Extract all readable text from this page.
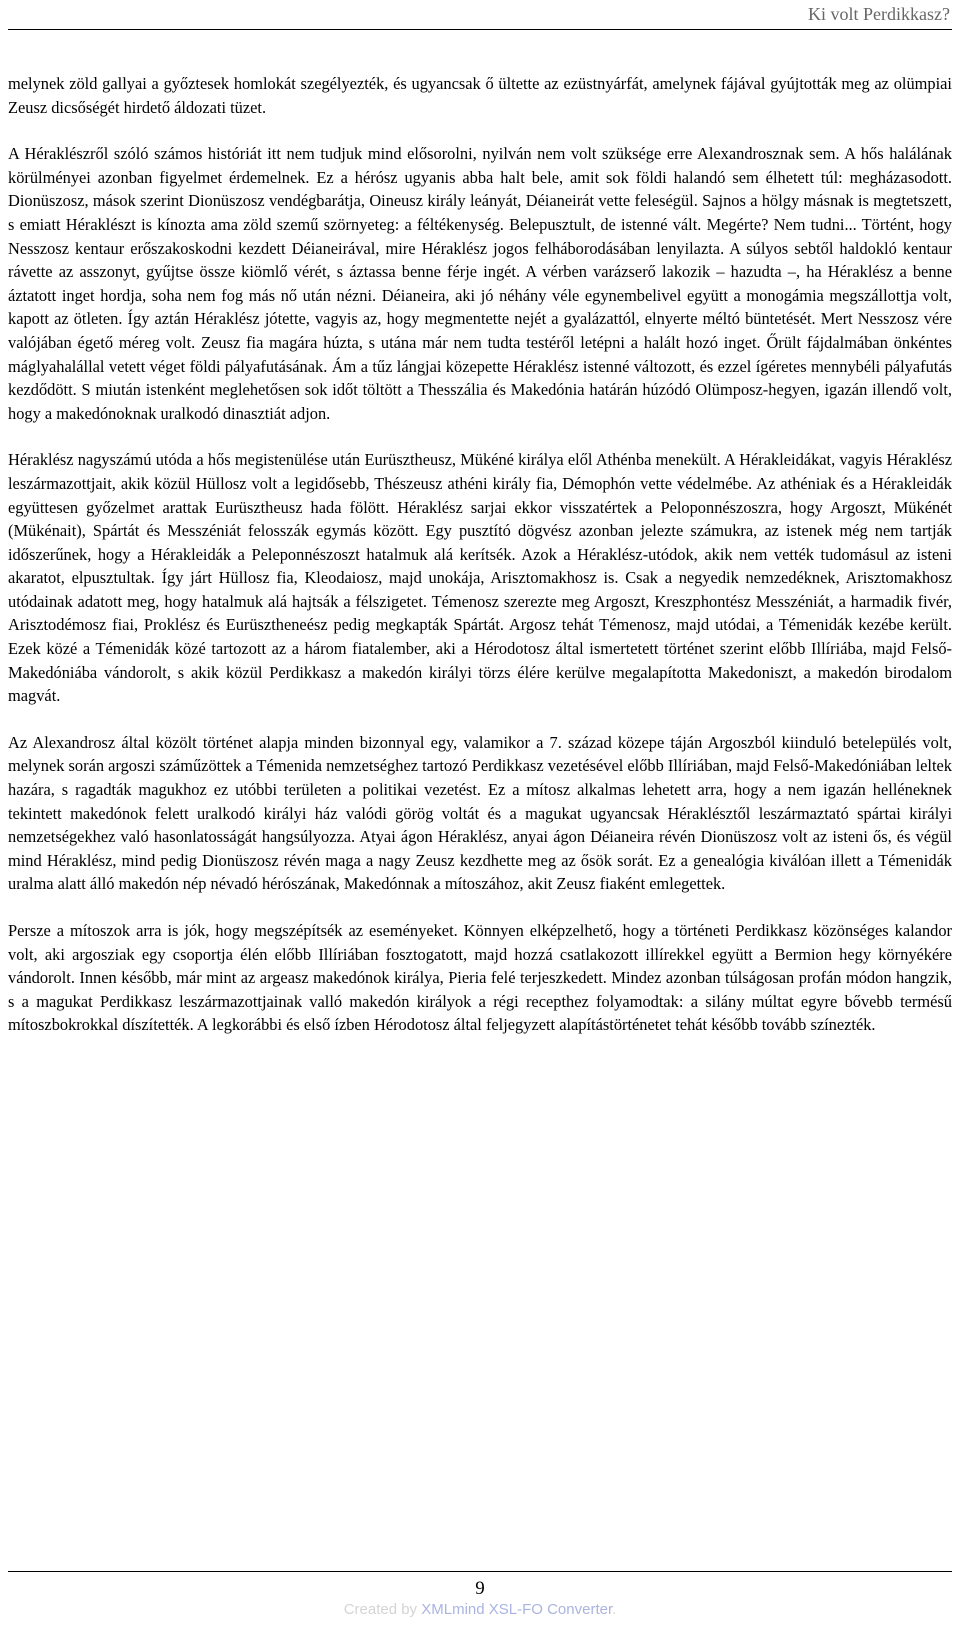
Ki volt Perdikkasz?

melynek zöld gallyai a győztesek homlokát szegélyezték, és ugyancsak ő ültette az ezüstnyárfát, amelynek fájával gyújtották meg az olümpiai Zeusz dicsőségét hirdető áldozati tüzet.

A Héraklészről szóló számos históriát itt nem tudjuk mind elősorolni, nyilván nem volt szüksége erre Alexandrosznak sem. A hős halálának körülményei azonban figyelmet érdemelnek. Ez a hérósz ugyanis abba halt bele, amit sok földi halandó sem élhetett túl: megházasodott. Dionüszosz, mások szerint Dionüszosz vendégbarátja, Oineusz király leányát, Déianeirát vette feleségül. Sajnos a hölgy másnak is megtetszett, s emiatt Héraklészt is kínozta ama zöld szemű szörnyeteg: a féltékenység. Belepusztult, de istenné vált. Megérte? Nem tudni... Történt, hogy Nesszosz kentaur erőszakoskodni kezdett Déianeirával, mire Héraklész jogos felháborodásában lenyilazta. A súlyos sebtől haldokló kentaur rávette az asszonyt, gyűjtse össze kiömlő vérét, s áztassa benne férje ingét. A vérben varázserő lakozik – hazudta –, ha Héraklész a benne áztatott inget hordja, soha nem fog más nő után nézni. Déianeira, aki jó néhány véle egynembelivel együtt a monogámia megszállottja volt, kapott az ötleten. Így aztán Héraklész jótette, vagyis az, hogy megmentette nejét a gyalázattól, elnyerte méltó büntetését. Mert Nesszosz vére valójában égető méreg volt. Zeusz fia magára húzta, s utána már nem tudta testéről letépni a halált hozó inget. Őrült fájdalmában önkéntes máglyahalállal vetett véget földi pályafutásának. Ám a tűz lángjai közepette Héraklész istenné változott, és ezzel ígéretes mennybéli pályafutás kezdődött. S miután istenként meglehetősen sok időt töltött a Thesszália és Makedónia határán húzódó Olümposz-hegyen, igazán illendő volt, hogy a makedónoknak uralkodó dinasztiát adjon.

Héraklész nagyszámú utóda a hős megistenülése után Eurüsztheusz, Mükéné királya elől Athénba menekült. A Hérakleidákat, vagyis Héraklész leszármazottjait, akik közül Hüllosz volt a legidősebb, Thészeusz athéni király fia, Démophón vette védelmébe. Az athéniak és a Hérakleidák együttesen győzelmet arattak Eurüsztheusz hada fölött. Héraklész sarjai ekkor visszatértek a Peloponnészoszra, hogy Argoszt, Mükénét (Mükénait), Spártát és Messzéniát felosszák egymás között. Egy pusztító dögvész azonban jelezte számukra, az istenek még nem tartják időszerűnek, hogy a Hérakleidák a Peleponnészoszt hatalmuk alá kerítsék. Azok a Héraklész-utódok, akik nem vették tudomásul az isteni akaratot, elpusztultak. Így járt Hüllosz fia, Kleodaiosz, majd unokája, Arisztomakhosz is. Csak a negyedik nemzedéknek, Arisztomakhosz utódainak adatott meg, hogy hatalmuk alá hajtsák a félszigetet. Témenosz szerezte meg Argoszt, Kreszphontész Messzéniát, a harmadik fivér, Arisztodémosz fiai, Proklész és Eurüsztheneész pedig megkapták Spártát. Argosz tehát Témenosz, majd utódai, a Témenidák kezébe került. Ezek közé a Témenidák közé tartozott az a három fiatalember, aki a Hérodotosz által ismertetett történet szerint előbb Illíriába, majd Felső- Makedóniába vándorolt, s akik közül Perdikkasz a makedón királyi törzs élére kerülve megalapította Makedoniszt, a makedón birodalom magvát.

Az Alexandrosz által közölt történet alapja minden bizonnyal egy, valamikor a 7. század közepe táján Argoszból kiinduló betelepülés volt, melynek során argoszi száműzöttek a Témenida nemzetséghez tartozó Perdikkasz vezetésével előbb Illíriában, majd Felső-Makedóniában leltek hazára, s ragadták magukhoz ez utóbbi területen a politikai vezetést. Ez a mítosz alkalmas lehetett arra, hogy a nem igazán helléneknek tekintett makedónok felett uralkodó királyi ház valódi görög voltát és a magukat ugyancsak Héraklésztől leszármaztató spártai királyi nemzetségekhez való hasonlatosságát hangsúlyozza. Atyai ágon Héraklész, anyai ágon Déianeira révén Dionüszosz volt az isteni ős, és végül mind Héraklész, mind pedig Dionüszosz révén maga a nagy Zeusz kezdhette meg az ősök sorát. Ez a genealógia kiválóan illett a Témenidák uralma alatt álló makedón nép névadó hérószának, Makedónnak a mítoszához, akit Zeusz fiaként emlegettek.

Persze a mítoszok arra is jók, hogy megszépítsék az eseményeket. Könnyen elképzelhető, hogy a történeti Perdikkasz közönséges kalandor volt, aki argosziak egy csoportja élén előbb Illíriában fosztogatott, majd hozzá csatlakozott illírekkel együtt a Bermion hegy környékére vándorolt. Innen később, már mint az argeasz makedónok királya, Pieria felé terjeszkedett. Mindez azonban túlságosan profán módon hangzik, s a magukat Perdikkasz leszármazottjainak valló makedón királyok a régi recepthez folyamodtak: a silány múltat egyre bővebb termésű mítoszbokrokkal díszítették. A legkorábbi és első ízben Hérodotosz által feljegyzett alapítástörténetet tehát később tovább színezték.

9
Created by XMLmind XSL-FO Converter.
